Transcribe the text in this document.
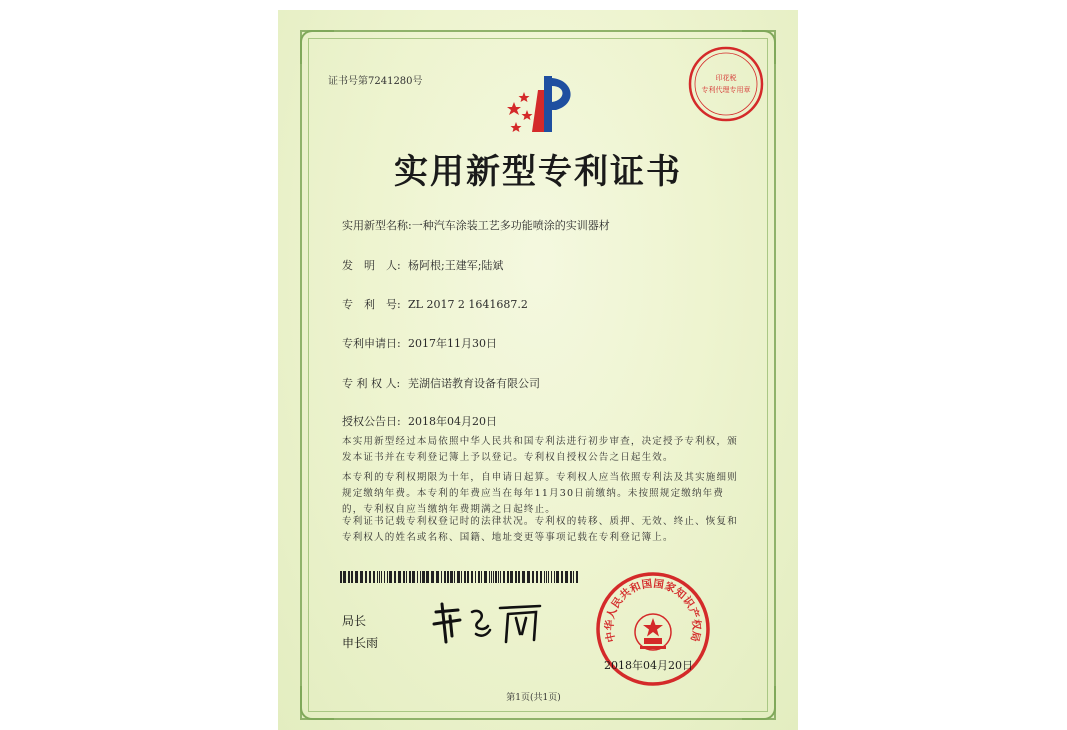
证书号第7241280号	印花税
专利代理专用章
实用新型专利证书
实用新型名称:一种汽车涂装工艺多功能喷涂的实训器材
发　明　人: 杨阿根;王建军;陆斌
专　利　号: ZL 2017 2 1641687.2
专利申请日: 2017年11月30日
专 利 权 人: 芜湖信诺教育设备有限公司
授权公告日: 2018年04月20日
本实用新型经过本局依照中华人民共和国专利法进行初步审查，决定授予专利权，颁发本证书并在专利登记簿上予以登记。专利权自授权公告之日起生效。
本专利的专利权期限为十年，自申请日起算。专利权人应当依照专利法及其实施细则规定缴纳年费。本专利的年费应当在每年11月30日前缴纳。未按照规定缴纳年费的，专利权自应当缴纳年费期满之日起终止。
专利证书记载专利权登记时的法律状况。专利权的转移、质押、无效、终止、恢复和专利权人的姓名或名称、国籍、地址变更等事项记载在专利登记簿上。
局长
申长雨	中华人民共和国国家知识产权局
2018年04月20日
第1页(共1页)
